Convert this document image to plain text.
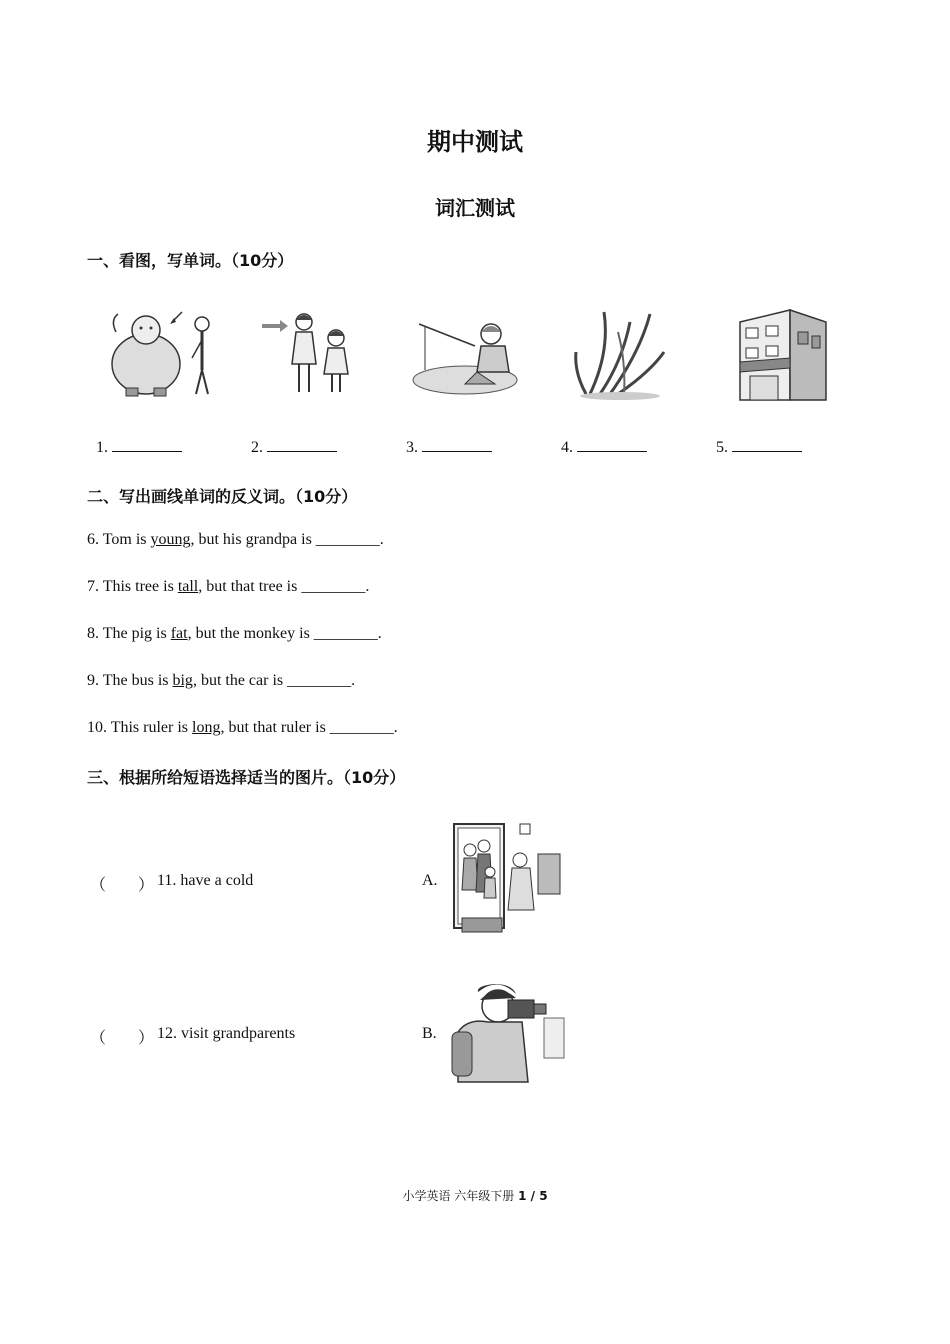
期中测试
词汇测试
一、看图，写单词。（10分）
1.	2.	3.	4.	5.
二、写出画线单词的反义词。（10分）
6. Tom is young, but his grandpa is ________.
7. This tree is tall, but that tree is ________.
8. The pig is fat, but the monkey is ________.
9. The bus is big, but the car is ________.
10. This ruler is long, but that ruler is ________.
三、根据所给短语选择适当的图片。（10分）
（　　） 11. have a cold	A.
（　　） 12. visit grandparents	B.
小学英语 六年级下册 1 / 5
